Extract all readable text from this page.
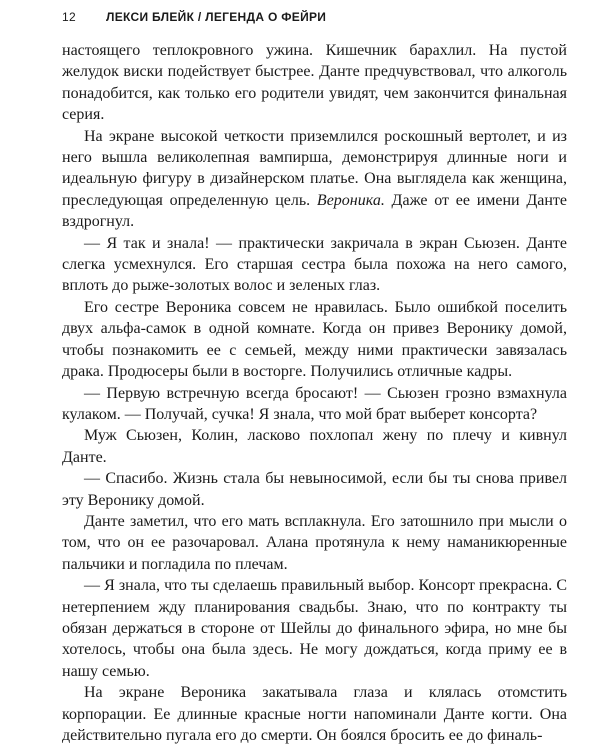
12	ЛЕКСИ БЛЕЙК / ЛЕГЕНДА О ФЕЙРИ

настоящего теплокровного ужина. Кишечник барахлил. На пустой желудок виски подействует быстрее. Данте предчувствовал, что алкоголь понадобится, как только его родители увидят, чем закончится финальная серия.

На экране высокой четкости приземлился роскошный вертолет, и из него вышла великолепная вампирша, демонстрируя длинные ноги и идеальную фигуру в дизайнерском платье. Она выглядела как женщина, преследующая определенную цель. Вероника. Даже от ее имени Данте вздрогнул.

— Я так и знала! — практически закричала в экран Сьюзен. Данте слегка усмехнулся. Его старшая сестра была похожа на него самого, вплоть до рыже-золотых волос и зеленых глаз.

Его сестре Вероника совсем не нравилась. Было ошибкой поселить двух альфа-самок в одной комнате. Когда он привез Веронику домой, чтобы познакомить ее с семьей, между ними практически завязалась драка. Продюсеры были в восторге. Получились отличные кадры.

— Первую встречную всегда бросают! — Сьюзен грозно взмахнула кулаком. — Получай, сучка! Я знала, что мой брат выберет консорта?

Муж Сьюзен, Колин, ласково похлопал жену по плечу и кивнул Данте.

— Спасибо. Жизнь стала бы невыносимой, если бы ты снова привел эту Веронику домой.

Данте заметил, что его мать всплакнула. Его затошнило при мысли о том, что он ее разочаровал. Алана протянула к нему наманикюренные пальчики и погладила по плечам.

— Я знала, что ты сделаешь правильный выбор. Консорт прекрасна. С нетерпением жду планирования свадьбы. Знаю, что по контракту ты обязан держаться в стороне от Шейлы до финального эфира, но мне бы хотелось, чтобы она была здесь. Не могу дождаться, когда приму ее в нашу семью.

На экране Вероника закатывала глаза и клялась отомстить корпорации. Ее длинные красные ногти напоминали Данте когти. Она действительно пугала его до смерти. Он боялся бросить ее до финаль-
